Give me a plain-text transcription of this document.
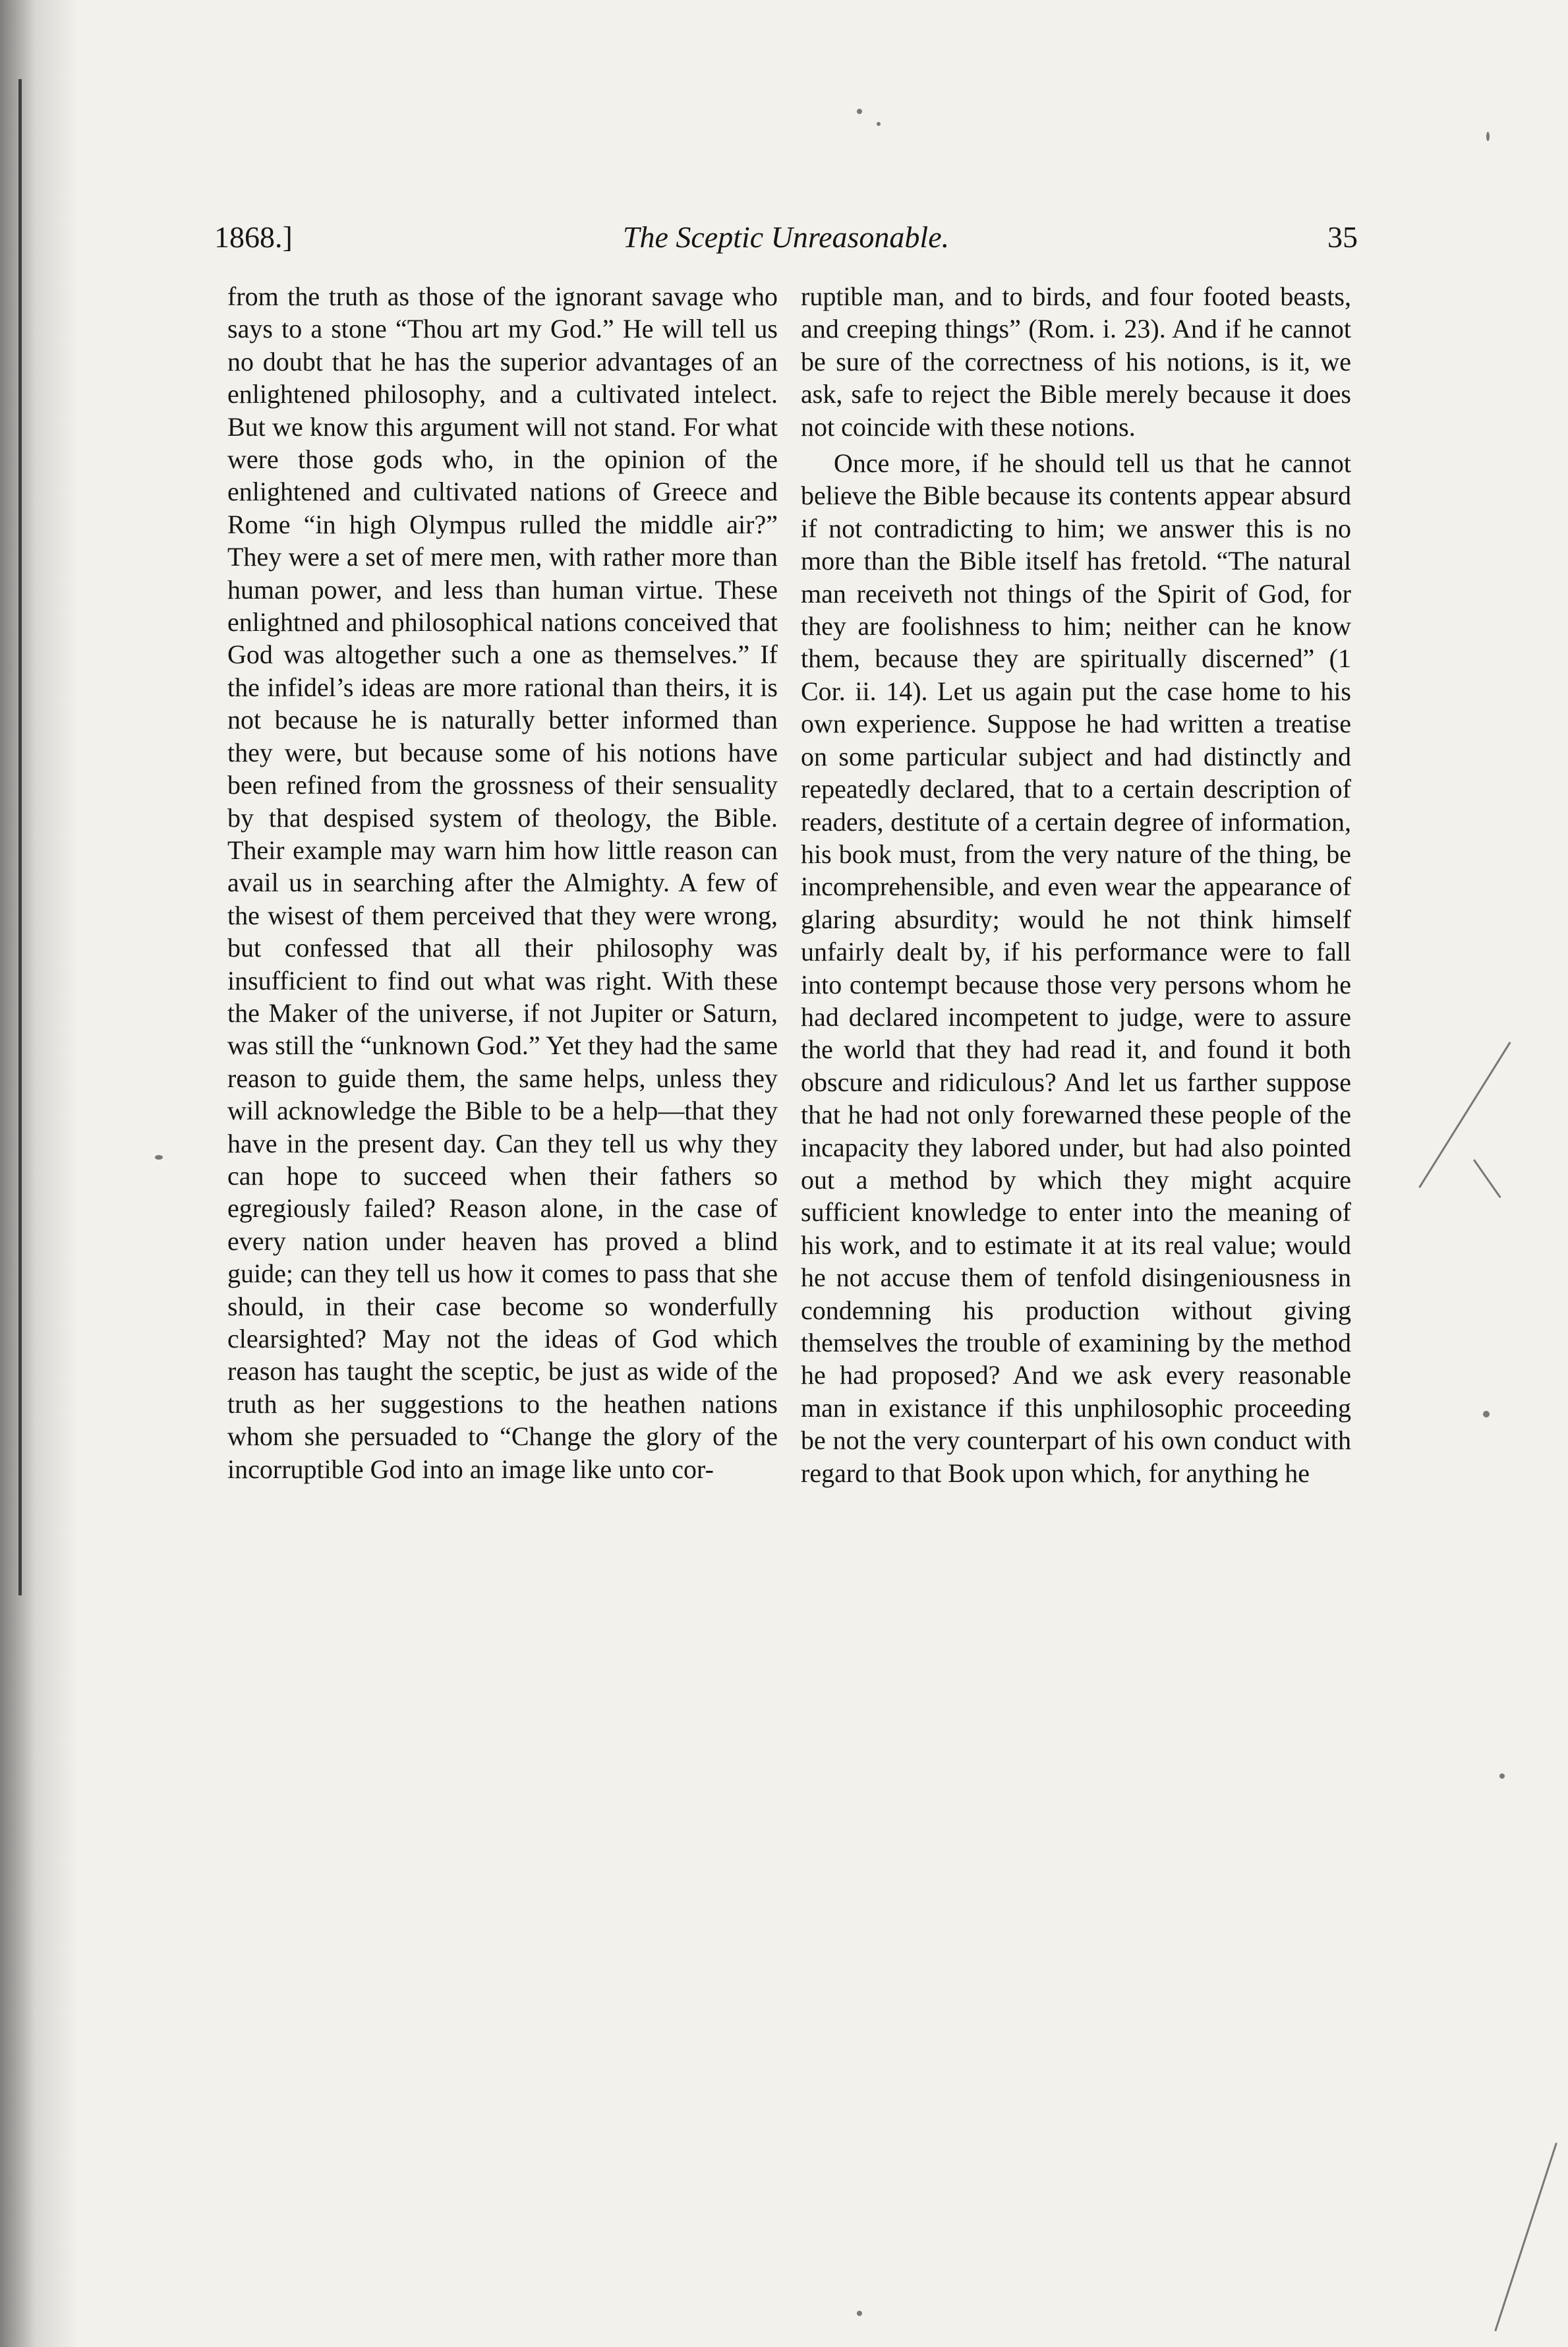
1868.]	The Sceptic Unreasonable.	35

from the truth as those of the ignorant savage who says to a stone “Thou art my God.” He will tell us no doubt that he has the superior advantages of an enlightened philosophy, and a cultivated intelect. But we know this argument will not stand. For what were those gods who, in the opinion of the enlightened and cultivated nations of Greece and Rome “in high Olympus rulled the middle air?” They were a set of mere men, with rather more than human power, and less than human virtue. These enlightned and philosophical nations conceived that God was altogether such a one as themselves.” If the infidel’s ideas are more rational than theirs, it is not because he is naturally better informed than they were, but because some of his notions have been refined from the grossness of their sensuality by that despised system of theology, the Bible. Their example may warn him how little reason can avail us in searching after the Almighty. A few of the wisest of them perceived that they were wrong, but confessed that all their philosophy was insufficient to find out what was right. With these the Maker of the universe, if not Jupiter or Saturn, was still the “unknown God.” Yet they had the same reason to guide them, the same helps, unless they will acknowledge the Bible to be a help—that they have in the present day. Can they tell us why they can hope to succeed when their fathers so egregiously failed? Reason alone, in the case of every nation under heaven has proved a blind guide; can they tell us how it comes to pass that she should, in their case become so wonderfully clearsighted? May not the ideas of God which reason has taught the sceptic, be just as wide of the truth as her suggestions to the heathen nations whom she persuaded to “Change the glory of the incorruptible God into an image like unto cor-

ruptible man, and to birds, and four footed beasts, and creeping things” (Rom. i. 23). And if he cannot be sure of the correctness of his notions, is it, we ask, safe to reject the Bible merely because it does not coincide with these notions.

Once more, if he should tell us that he cannot believe the Bible because its contents appear absurd if not contradicting to him; we answer this is no more than the Bible itself has fretold. “The natural man receiveth not things of the Spirit of God, for they are foolishness to him; neither can he know them, because they are spiritually discerned” (1 Cor. ii. 14). Let us again put the case home to his own experience. Suppose he had written a treatise on some particular subject and had distinctly and repeatedly declared, that to a certain description of readers, destitute of a certain degree of information, his book must, from the very nature of the thing, be incomprehensible, and even wear the appearance of glaring absurdity; would he not think himself unfairly dealt by, if his performance were to fall into contempt because those very persons whom he had declared incompetent to judge, were to assure the world that they had read it, and found it both obscure and ridiculous? And let us farther suppose that he had not only forewarned these people of the incapacity they labored under, but had also pointed out a method by which they might acquire sufficient knowledge to enter into the meaning of his work, and to estimate it at its real value; would he not accuse them of tenfold disingeniousness in condemning his production without giving themselves the trouble of examining by the method he had proposed? And we ask every reasonable man in existance if this unphilosophic proceeding be not the very counterpart of his own conduct with regard to that Book upon which, for anything he
